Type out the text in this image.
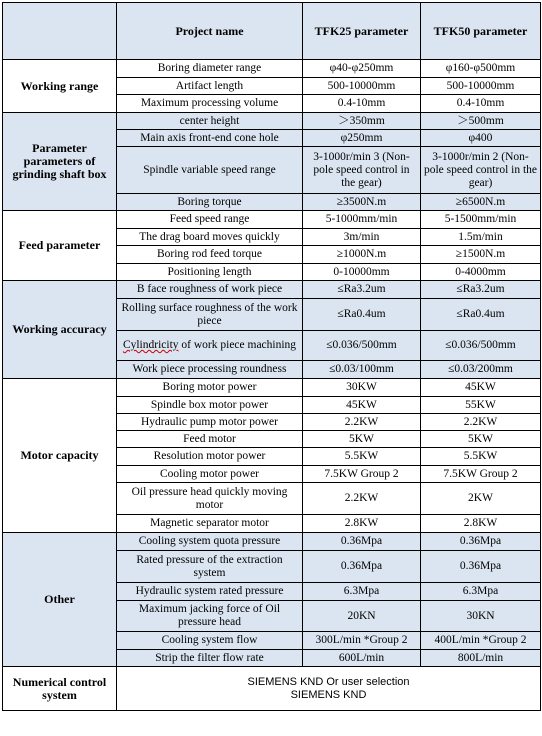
	Project name	TFK25 parameter	TFK50 parameter
Working range	Boring diameter range	φ40-φ250mm	φ160-φ500mm
	Artifact length	500-10000mm	500-10000mm
	Maximum processing volume	0.4-10mm	0.4-10mm
Parameter parameters of grinding shaft box	center height	＞350mm	＞500mm
	Main axis front-end cone hole	φ250mm	φ400
	Spindle variable speed range	3-1000r/min 3 (Non-pole speed control in the gear)	3-1000r/min 2 (Non-pole speed control in the gear)
	Boring torque	≥3500N.m	≥6500N.m
Feed parameter	Feed speed range	5-1000mm/min	5-1500mm/min
	The drag board moves quickly	3m/min	1.5m/min
	Boring rod feed torque	≥1000N.m	≥1500N.m
	Positioning length	0-10000mm	0-4000mm
Working accuracy	B face roughness of work piece	≤Ra3.2um	≤Ra3.2um
	Rolling surface roughness of the work piece	≤Ra0.4um	≤Ra0.4um
	Cylindricity of work piece machining	≤0.036/500mm	≤0.036/500mm
	Work piece processing roundness	≤0.03/100mm	≤0.03/200mm
Motor capacity	Boring motor power	30KW	45KW
	Spindle box motor power	45KW	55KW
	Hydraulic pump motor power	2.2KW	2.2KW
	Feed motor	5KW	5KW
	Resolution motor power	5.5KW	5.5KW
	Cooling motor power	7.5KW Group 2	7.5KW Group 2
	Oil pressure head quickly moving motor	2.2KW	2KW
	Magnetic separator motor	2.8KW	2.8KW
Other	Cooling system quota pressure	0.36Mpa	0.36Mpa
	Rated pressure of the extraction system	0.36Mpa	0.36Mpa
	Hydraulic system rated pressure	6.3Mpa	6.3Mpa
	Maximum jacking force of Oil pressure head	20KN	30KN
	Cooling system flow	300L/min *Group 2	400L/min *Group 2
	Strip the filter flow rate	600L/min	800L/min
Numerical control system	SIEMENS KND Or user selection
SIEMENS KND		
